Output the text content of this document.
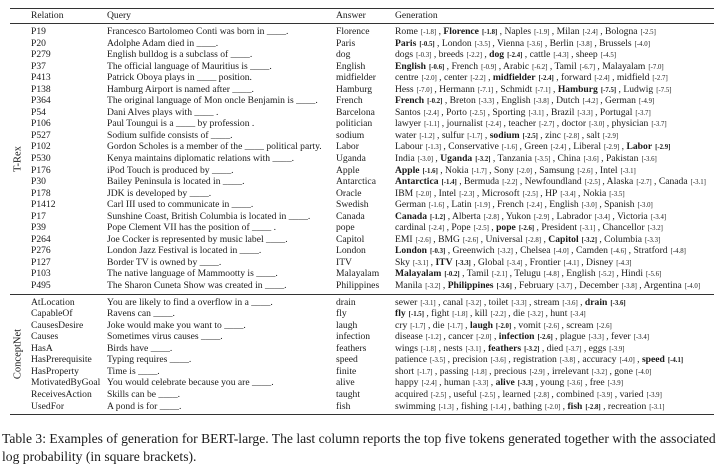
Relation	Query	Answer	Generation
T-Rex
P19	Francesco Bartolomeo Conti was born in ____.	Florence	Rome [-1.8] , Florence [-1.8] , Naples [-1.9] , Milan [-2.4] , Bologna [-2.5]
P20	Adolphe Adam died in ____.	Paris	Paris [-0.5] , London [-3.5] , Vienna [-3.6] , Berlin [-3.8] , Brussels [-4.0]
P279	English bulldog is a subclass of ____.	dog	dogs [-0.3] , breeds [-2.2] , dog [-2.4] , cattle [-4.3] , sheep [-4.5]
P37	The official language of Mauritius is ____.	English	English [-0.6] , French [-0.9] , Arabic [-6.2] , Tamil [-6.7] , Malayalam [-7.0]
P413	Patrick Oboya plays in ____ position.	midfielder	centre [-2.0] , center [-2.2] , midfielder [-2.4] , forward [-2.4] , midfield [-2.7]
P138	Hamburg Airport is named after ____.	Hamburg	Hess [-7.0] , Hermann [-7.1] , Schmidt [-7.1] , Hamburg [-7.5] , Ludwig [-7.5]
P364	The original language of Mon oncle Benjamin is ____.	French	French [-0.2] , Breton [-3.3] , English [-3.8] , Dutch [-4.2] , German [-4.9]
P54	Dani Alves plays with ____ .	Barcelona	Santos [-2.4] , Porto [-2.5] , Sporting [-3.1] , Brazil [-3.3] , Portugal [-3.7]
P106	Paul Toungui is a ____ by profession .	politician	lawyer [-1.1] , journalist [-2.4] , teacher [-2.7] , doctor [-3.0] , physician [-3.7]
P527	Sodium sulfide consists of ____.	sodium	water [-1.2] , sulfur [-1.7] , sodium [-2.5] , zinc [-2.8] , salt [-2.9]
P102	Gordon Scholes is a member of the ____ political party.	Labor	Labour [-1.3] , Conservative [-1.6] , Green [-2.4] , Liberal [-2.9] , Labor [-2.9]
P530	Kenya maintains diplomatic relations with ____.	Uganda	India [-3.0] , Uganda [-3.2] , Tanzania [-3.5] , China [-3.6] , Pakistan [-3.6]
P176	iPod Touch is produced by ____.	Apple	Apple [-1.6] , Nokia [-1.7] , Sony [-2.0] , Samsung [-2.6] , Intel [-3.1]
P30	Bailey Peninsula is located in ____.	Antarctica	Antarctica [-1.4] , Bermuda [-2.2] , Newfoundland [-2.5] , Alaska [-2.7] , Canada [-3.1]
P178	JDK is developed by ____.	Oracle	IBM [-2.0] , Intel [-2.3] , Microsoft [-2.5] , HP [-3.4] , Nokia [-3.5]
P1412	Carl III used to communicate in ____.	Swedish	German [-1.6] , Latin [-1.9] , French [-2.4] , English [-3.0] , Spanish [-3.0]
P17	Sunshine Coast, British Columbia is located in ____.	Canada	Canada [-1.2] , Alberta [-2.8] , Yukon [-2.9] , Labrador [-3.4] , Victoria [-3.4]
P39	Pope Clement VII has the position of ____ .	pope	cardinal [-2.4] , Pope [-2.5] , pope [-2.6] , President [-3.1] , Chancellor [-3.2]
P264	Joe Cocker is represented by music label ____.	Capitol	EMI [-2.6] , BMG [-2.6] , Universal [-2.8] , Capitol [-3.2] , Columbia [-3.3]
P276	London Jazz Festival is located in ____.	London	London [-0.3] , Greenwich [-3.2] , Chelsea [-4.0] , Camden [-4.6] , Stratford [-4.8]
P127	Border TV is owned by ____.	ITV	Sky [-3.1] , ITV [-3.3] , Global [-3.4] , Frontier [-4.1] , Disney [-4.3]
P103	The native language of Mammootty is ____.	Malayalam	Malayalam [-0.2] , Tamil [-2.1] , Telugu [-4.8] , English [-5.2] , Hindi [-5.6]
P495	The Sharon Cuneta Show was created in ____.	Philippines	Manila [-3.2] , Philippines [-3.6] , February [-3.7] , December [-3.8] , Argentina [-4.0]
ConceptNet
AtLocation	You are likely to find a overflow in a ____.	drain	sewer [-3.1] , canal [-3.2] , toilet [-3.3] , stream [-3.6] , drain [-3.6]
CapableOf	Ravens can ____.	fly	fly [-1.5] , fight [-1.8] , kill [-2.2] , die [-3.2] , hunt [-3.4]
CausesDesire	Joke would make you want to ____.	laugh	cry [-1.7] , die [-1.7] , laugh [-2.0] , vomit [-2.6] , scream [-2.6]
Causes	Sometimes virus causes ____.	infection	disease [-1.2] , cancer [-2.0] , infection [-2.6] , plague [-3.3] , fever [-3.4]
HasA	Birds have ____.	feathers	wings [-1.8] , nests [-3.1] , feathers [-3.2] , died [-3.7] , eggs [-3.9]
HasPrerequisite	Typing requires ____.	speed	patience [-3.5] , precision [-3.6] , registration [-3.8] , accuracy [-4.0] , speed [-4.1]
HasProperty	Time is ____.	finite	short [-1.7] , passing [-1.8] , precious [-2.9] , irrelevant [-3.2] , gone [-4.0]
MotivatedByGoal You would celebrate because you are ____.	alive	happy [-2.4] , human [-3.3] , alive [-3.3] , young [-3.6] , free [-3.9]
ReceivesAction	Skills can be ____.	taught	acquired [-2.5] , useful [-2.5] , learned [-2.8] , combined [-3.9] , varied [-3.9]
UsedFor	A pond is for ____.	fish	swimming [-1.3] , fishing [-1.4] , bathing [-2.0] , fish [-2.8] , recreation [-3.1]
Table 3: Examples of generation for BERT-large. The last column reports the top five tokens generated together with the associated log probability (in square brackets).
